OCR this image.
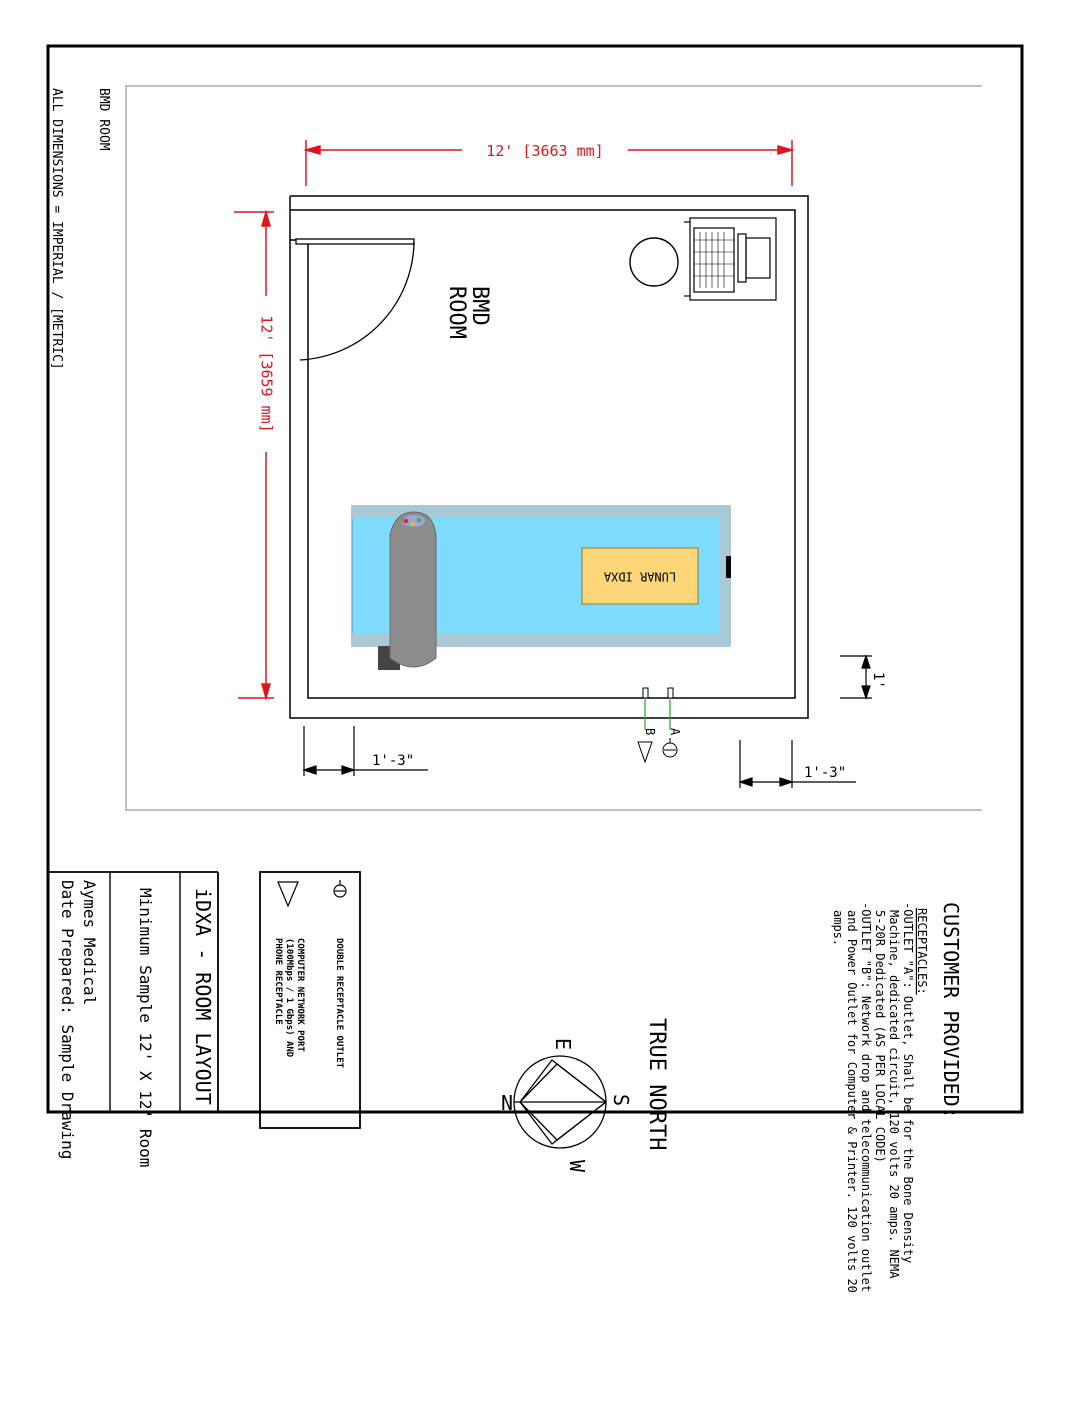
BMD ROOM
ALL DIMENSIONS = IMPERIAL / [METRIC]	BMD
ROOM
LUNAR IDXA
A
B
12' [3663 mm]
12' [3659 mm]
1'-3"
1'-3"
1'
CUSTOMER PROVIDED:
RECEPTACLES:
-OUTLET "A": Outlet, Shall be for the Bone Density
Machine, dedicated circuit, 120 volts 20 amps. NEMA
5-20R Dedicated (AS PER LOCAL CODE)
-OUTLET "B": Network drop and telecommunication outlet
and Power Outlet for Computer & Printer. 120 volts 20
amps.
TRUE NORTH
N	S
E
W
DOUBLE RECEPTACLE OUTLET
COMPUTER NETWORK PORT
(100Mbps / 1 Gbps) AND
PHONE RECEPTACLE
iDXA - ROOM LAYOUT
Minimum Sample 12' X 12' Room
Aymes Medical
Date Prepared: Sample Drawing
